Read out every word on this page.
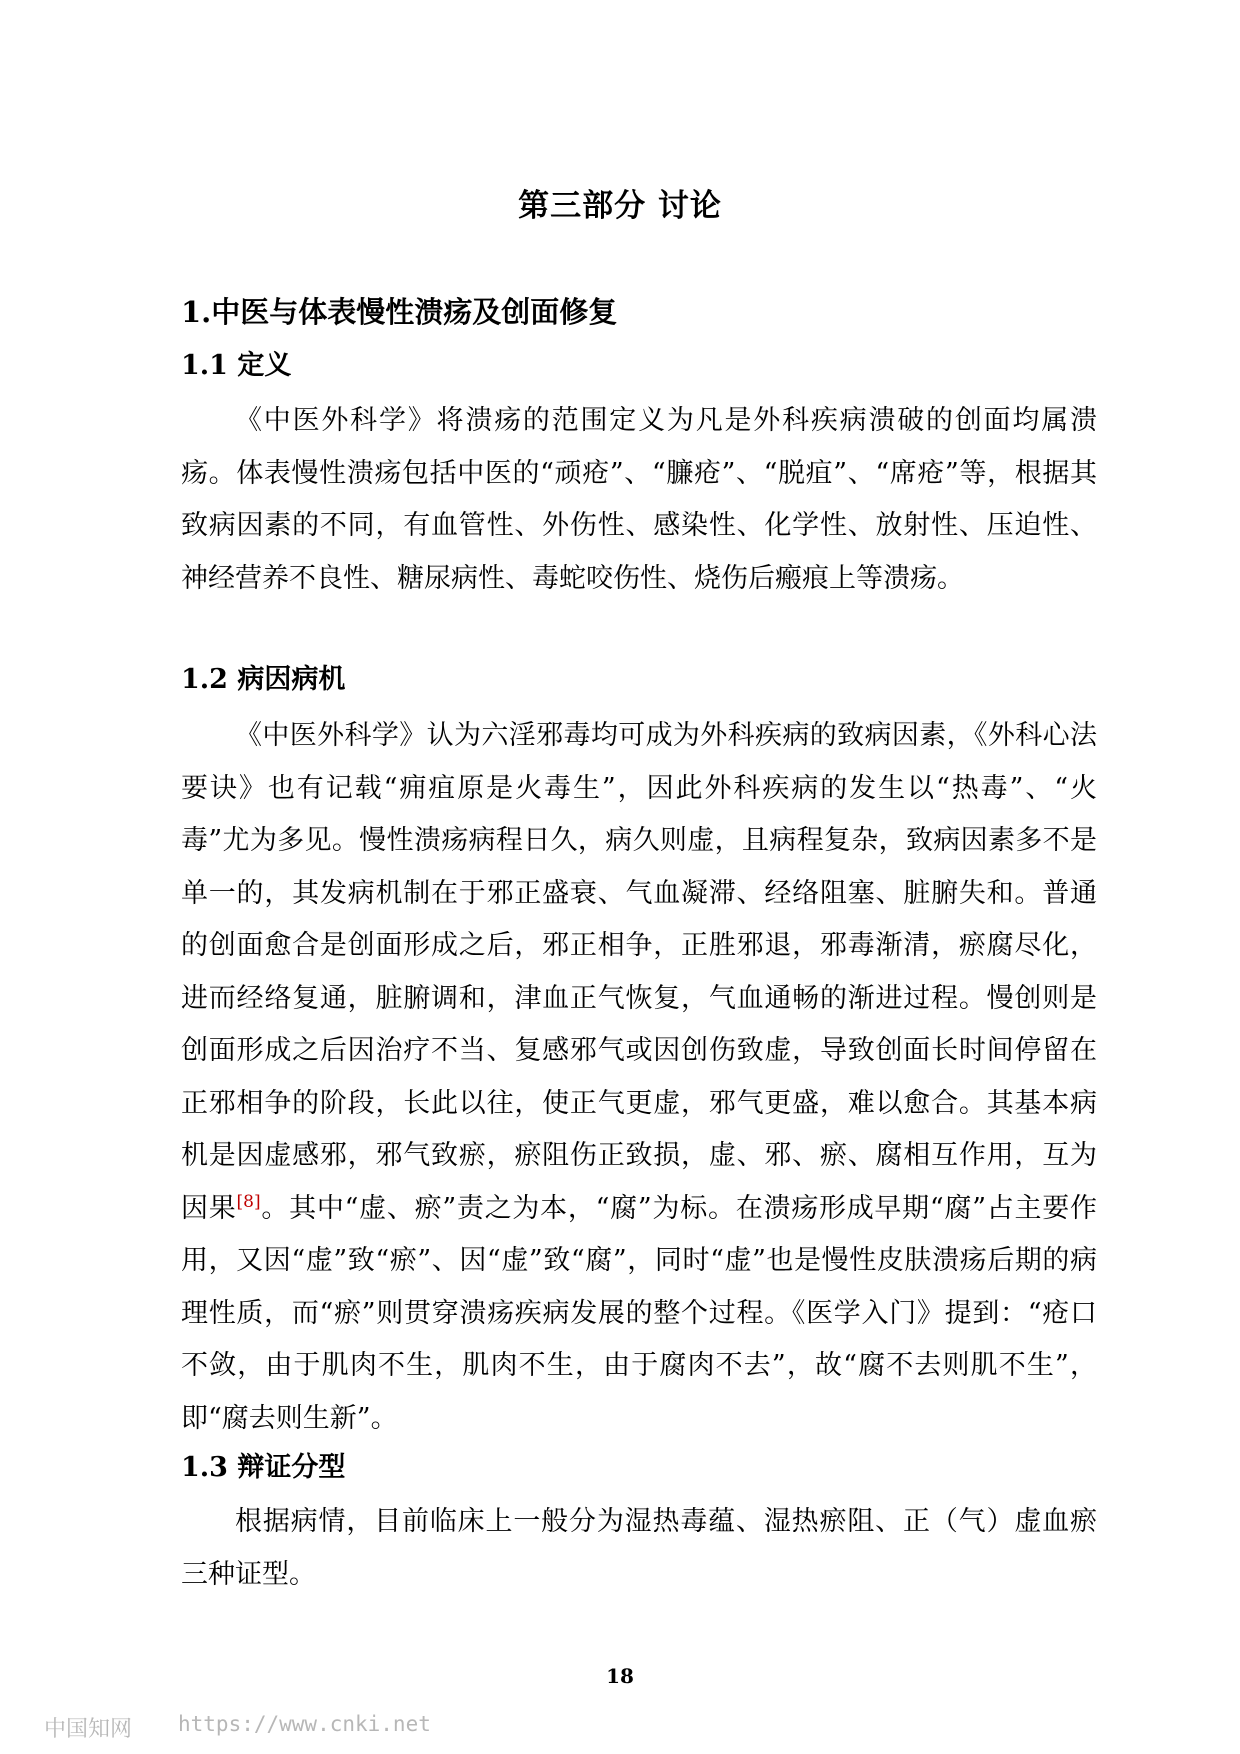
第三部分 讨论
1.中医与体表慢性溃疡及创面修复
1.1 定义

《中医外科学》将溃疡的范围定义为凡是外科疾病溃破的创面均属溃疡。体表慢性溃疡包括中医的“顽疮”、“臁疮”、“脱疽”、“席疮”等，根据其致病因素的不同，有血管性、外伤性、感染性、化学性、放射性、压迫性、神经营养不良性、糖尿病性、毒蛇咬伤性、烧伤后瘢痕上等溃疡。

1.2 病因病机

《中医外科学》认为六淫邪毒均可成为外科疾病的致病因素，《外科心法要诀》也有记载“痈疽原是火毒生”，因此外科疾病的发生以“热毒”、“火毒”尤为多见。慢性溃疡病程日久，病久则虚，且病程复杂，致病因素多不是单一的，其发病机制在于邪正盛衰、气血凝滞、经络阻塞、脏腑失和。普通的创面愈合是创面形成之后，邪正相争，正胜邪退，邪毒渐清，瘀腐尽化，进而经络复通，脏腑调和，津血正气恢复，气血通畅的渐进过程。慢创则是创面形成之后因治疗不当、复感邪气或因创伤致虚，导致创面长时间停留在正邪相争的阶段，长此以往，使正气更虚，邪气更盛，难以愈合。其基本病机是因虚感邪，邪气致瘀，瘀阻伤正致损，虚、邪、瘀、腐相互作用，互为因果[8]。其中“虚、瘀”责之为本，“腐”为标。在溃疡形成早期“腐”占主要作用，又因“虚”致“瘀”、因“虚”致“腐”，同时“虚”也是慢性皮肤溃疡后期的病理性质，而“瘀”则贯穿溃疡疾病发展的整个过程。《医学入门》提到：“疮口不敛，由于肌肉不生，肌肉不生，由于腐肉不去”，故“腐不去则肌不生”，即“腐去则生新”。

1.3 辩证分型

根据病情，目前临床上一般分为湿热毒蕴、湿热瘀阻、正（气）虚血瘀三种证型。

18
中国知网 https://www.cnki.net
